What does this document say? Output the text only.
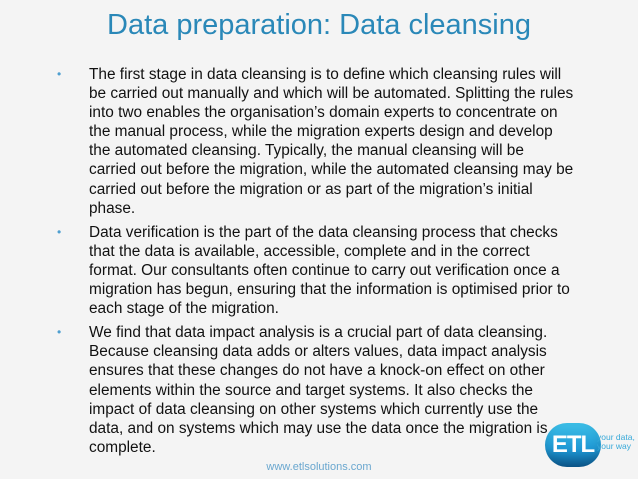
Data preparation: Data cleansing
• The first stage in data cleansing is to define which cleansing rules will be carried out manually and which will be automated. Splitting the rules into two enables the organisation’s domain experts to concentrate on the manual process, while the migration experts design and develop the automated cleansing. Typically, the manual cleansing will be carried out before the migration, while the automated cleansing may be carried out before the migration or as part of the migration’s initial phase.
• Data verification is the part of the data cleansing process that checks that the data is available, accessible, complete and in the correct format. Our consultants often continue to carry out verification once a migration has begun, ensuring that the information is optimised prior to each stage of the migration.
• We find that data impact analysis is a crucial part of data cleansing. Because cleansing data adds or alters values, data impact analysis ensures that these changes do not have a knock-on effect on other elements within the source and target systems. It also checks the impact of data cleansing on other systems which currently use the data, and on systems which may use the data once the migration is complete.
www.etlsolutions.com
ETL your data,
your way
